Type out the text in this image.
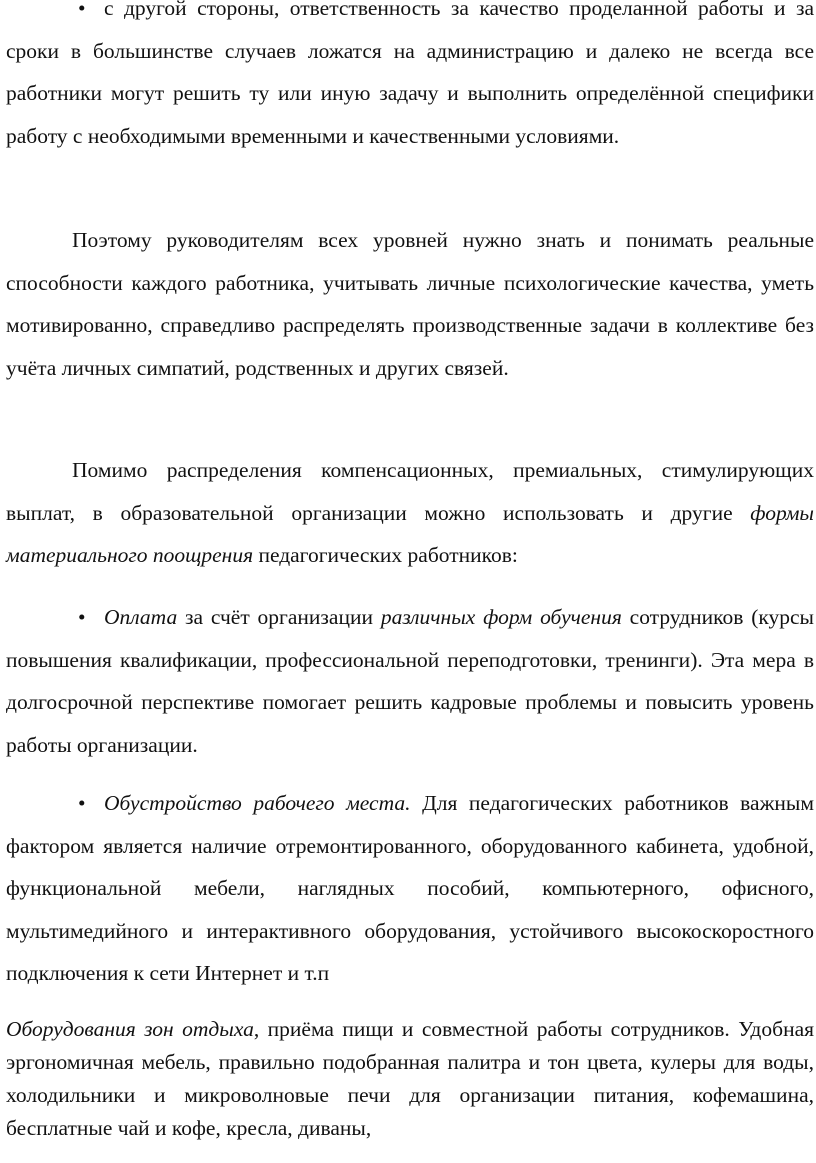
• с другой стороны, ответственность за качество проделанной работы и за сроки в большинстве случаев ложатся на администрацию и далеко не всегда все работники могут решить ту или иную задачу и выполнить определённой специфики работу с необходимыми временными и качественными условиями.

Поэтому руководителям всех уровней нужно знать и понимать реальные способности каждого работника, учитывать личные психологические качества, уметь мотивированно, справедливо распределять производственные задачи в коллективе без учёта личных симпатий, родственных и других связей.

Помимо распределения компенсационных, премиальных, стимулирующих выплат, в образовательной организации можно использовать и другие формы материального поощрения педагогических работников:

• Оплата за счёт организации различных форм обучения сотрудников (курсы повышения квалификации, профессиональной переподготовки, тренинги). Эта мера в долгосрочной перспективе помогает решить кадровые проблемы и повысить уровень работы организации.

• Обустройство рабочего места. Для педагогических работников важным фактором является наличие отремонтированного, оборудованного кабинета, удобной, функциональной мебели, наглядных пособий, компьютерного, офисного, мультимедийного и интерактивного оборудования, устойчивого высокоскоростного подключения к сети Интернет и т.п

Оборудования зон отдыха, приёма пищи и совместной работы сотрудников. Удобная эргономичная мебель, правильно подобранная палитра и тон цвета, кулеры для воды, холодильники и микроволновые печи для организации питания, кофемашина, бесплатные чай и кофе, кресла, диваны,
